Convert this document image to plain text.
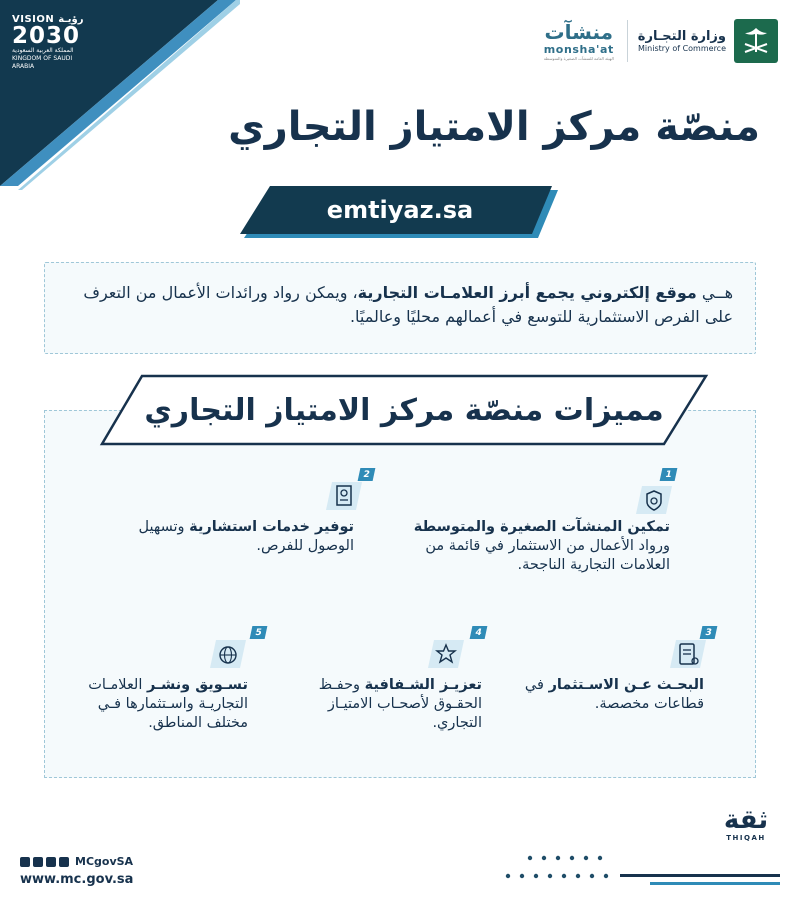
VISION رؤيـة
2030
المملكة العربية السعودية
KINGDOM OF SAUDI ARABIA
منشآت
monsha'at
الهيئة العامة للمنشآت الصغيرة والمتوسطة
وزارة التجـارة
Ministry of Commerce
منصّة مركز الامتياز التجاري
emtiyaz.sa
هــي موقع إلكتروني يجمع أبرز العلامـات التجارية، ويمكن رواد ورائدات الأعمال من التعرف على الفرص الاستثمارية للتوسع في أعمالهم محليًا وعالميًا.
مميزات منصّة مركز الامتياز التجاري
1
تمكين المنشآت الصغيرة والمتوسطة ورواد الأعمال من الاستثمار في قائمة من العلامات التجارية الناجحة.
2
توفير خدمات استشارية وتسهيل الوصول للفرص.
3
البحـث عـن الاسـتثمار في قطاعات مخصصة.
4
تعزيـز الشـفافية وحفـظ الحقـوق لأصحـاب الامتيـاز التجاري.
5
تسـويق ونشـر العلامـات التجاريـة واسـتثمارها فـي مختلف المناطق.
ثقة
THIQAH
MCgovSA
www.mc.gov.sa
